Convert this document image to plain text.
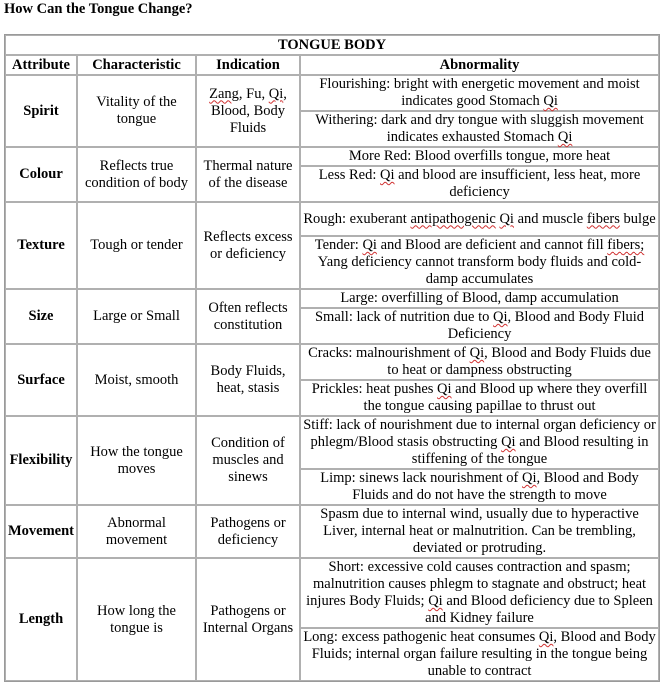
How Can the Tongue Change?
TONGUE BODY			
Attribute	Characteristic	Indication	Abnormality
Spirit	Vitality of the tongue	Zang, Fu, Qi, Blood, Body Fluids	Flourishing: bright with energetic movement and moist indicates good Stomach Qi
			Withering: dark and dry tongue with sluggish movement indicates exhausted Stomach Qi
Colour	Reflects true condition of body	Thermal nature of the disease	More Red: Blood overfills tongue, more heat
			Less Red: Qi and blood are insufficient, less heat, more deficiency
Texture	Tough or tender	Reflects excess or deficiency	Rough: exuberant antipathogenic Qi and muscle fibers bulge
			Tender: Qi and Blood are deficient and cannot fill fibers; Yang deficiency cannot transform body fluids and cold-damp accumulates
Size	Large or Small	Often reflects constitution	Large: overfilling of Blood, damp accumulation
			Small: lack of nutrition due to Qi, Blood and Body Fluid Deficiency
Surface	Moist, smooth	Body Fluids, heat, stasis	Cracks: malnourishment of Qi, Blood and Body Fluids due to heat or dampness obstructing
			Prickles: heat pushes Qi and Blood up where they overfill the tongue causing papillae to thrust out
Flexibility	How the tongue moves	Condition of muscles and sinews	Stiff: lack of nourishment due to internal organ deficiency or phlegm/Blood stasis obstructing Qi and Blood resulting in stiffening of the tongue
			Limp: sinews lack nourishment of Qi, Blood and Body Fluids and do not have the strength to move
Movement	Abnormal movement	Pathogens or deficiency	Spasm due to internal wind, usually due to hyperactive Liver, internal heat or malnutrition. Can be trembling, deviated or protruding.
Length	How long the tongue is	Pathogens or Internal Organs	Short: excessive cold causes contraction and spasm; malnutrition causes phlegm to stagnate and obstruct; heat injures Body Fluids; Qi and Blood deficiency due to Spleen and Kidney failure
			Long: excess pathogenic heat consumes Qi, Blood and Body Fluids; internal organ failure resulting in the tongue being unable to contract
